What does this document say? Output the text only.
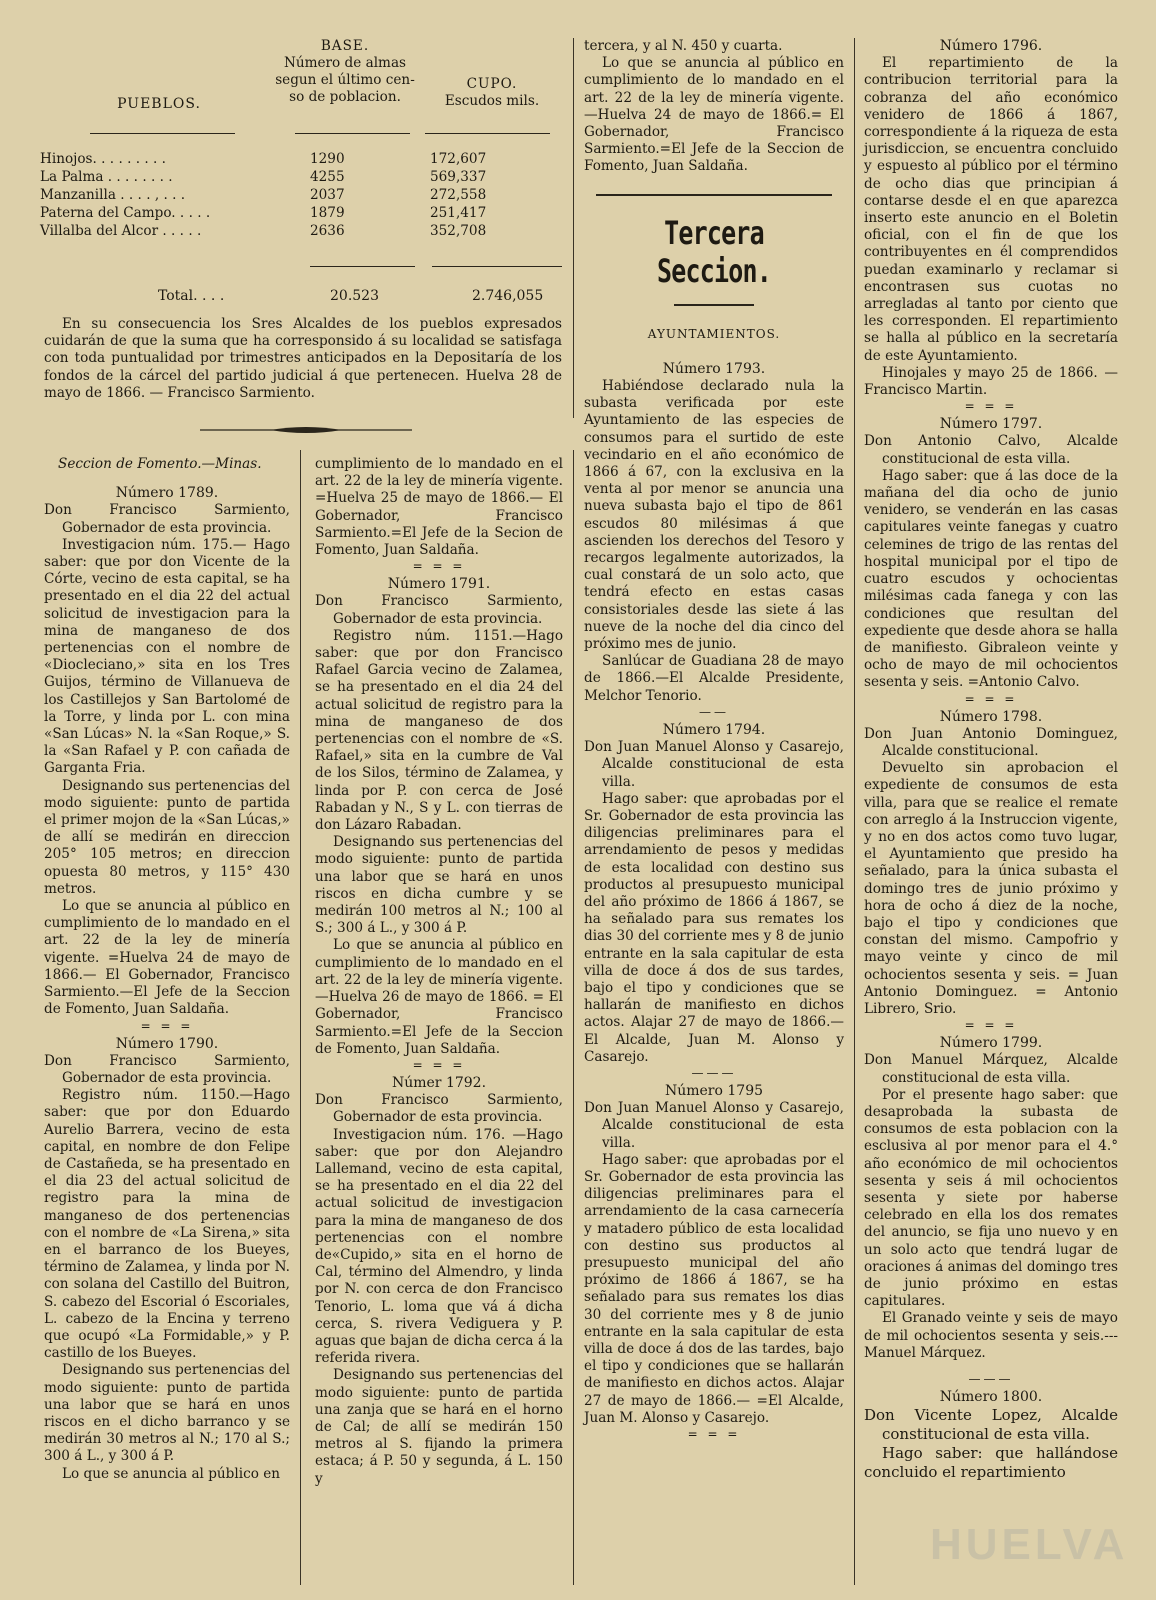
PUEBLOS.
BASE.
Número de almas
segun el último cen-
so de poblacion.
CUPO.
Escudos mils.
Hinojos. . . . . . . . .	1290	172,607
La Palma . . . . . . . .	4255	569,337
Manzanilla . . . . , . . .	2037	272,558
Paterna del Campo. . . . .	1879	251,417
Villalba del Alcor . . . . .	2636	352,708
Total. . . .	20.523	2.746,055
En su consecuencia los Sres Alcaldes de los pueblos expresados cuidarán de que la suma que ha corresponsido á su localidad se satisfaga con toda puntualidad por trimestres anticipados en la Depositaría de los fondos de la cárcel del partido judicial á que pertenecen. Huelva 28 de mayo de 1866. — Francisco Sarmiento.

Seccion de Fomento.—Minas.

Número 1789.

Don Francisco Sarmiento, Gobernador de esta provincia.

Investigacion núm. 175.— Hago saber: que por don Vicente de la Córte, vecino de esta capital, se ha presentado en el dia 22 del actual solicitud de investigacion para la mina de manganeso de dos pertenencias con el nombre de «Diocleciano,» sita en los Tres Guijos, término de Villanueva de los Castillejos y San Bartolomé de la Torre, y linda por L. con mina «San Lúcas» N. la «San Roque,» S. la «San Rafael y P. con cañada de Garganta Fria.

Designando sus pertenencias del modo siguiente: punto de partida el primer mojon de la «San Lúcas,» de allí se medirán en direccion 205° 105 metros; en direccion opuesta 80 metros, y 115° 430 metros.

Lo que se anuncia al público en cumplimiento de lo mandado en el art. 22 de la ley de minería vigente. =Huelva 24 de mayo de 1866.— El Gobernador, Francisco Sarmiento.—El Jefe de la Seccion de Fomento, Juan Saldaña.

= = =

Número 1790.

Don Francisco Sarmiento, Gobernador de esta provincia.

Registro núm. 1150.—Hago saber: que por don Eduardo Aurelio Barrera, vecino de esta capital, en nombre de don Felipe de Castañeda, se ha presentado en el dia 23 del actual solicitud de registro para la mina de manganeso de dos pertenencias con el nombre de «La Sirena,» sita en el barranco de los Bueyes, término de Zalamea, y linda por N. con solana del Castillo del Buitron, S. cabezo del Escorial ó Escoriales, L. cabezo de la Encina y terreno que ocupó «La Formidable,» y P. castillo de los Bueyes.

Designando sus pertenencias del modo siguiente: punto de partida una labor que se hará en unos riscos en el dicho barranco y se medirán 30 metros al N.; 170 al S.; 300 á L., y 300 á P.

Lo que se anuncia al público en

cumplimiento de lo mandado en el art. 22 de la ley de minería vigente. =Huelva 25 de mayo de 1866.— El Gobernador, Francisco Sarmiento.=El Jefe de la Secion de Fomento, Juan Saldaña.

= = =

Número 1791.

Don Francisco Sarmiento, Gobernador de esta provincia.

Registro núm. 1151.—Hago saber: que por don Francisco Rafael Garcia vecino de Zalamea, se ha presentado en el dia 24 del actual solicitud de registro para la mina de manganeso de dos pertenencias con el nombre de «S. Rafael,» sita en la cumbre de Val de los Silos, término de Zalamea, y linda por P. con cerca de José Rabadan y N., S y L. con tierras de don Lázaro Rabadan.

Designando sus pertenencias del modo siguiente: punto de partida una labor que se hará en unos riscos en dicha cumbre y se medirán 100 metros al N.; 100 al S.; 300 á L., y 300 á P.

Lo que se anuncia al público en cumplimiento de lo mandado en el art. 22 de la ley de minería vigente. —Huelva 26 de mayo de 1866. = El Gobernador, Francisco Sarmiento.=El Jefe de la Seccion de Fomento, Juan Saldaña.

= = =

Númer 1792.

Don Francisco Sarmiento, Gobernador de esta provincia.

Investigacion núm. 176. —Hago saber: que por don Alejandro Lallemand, vecino de esta capital, se ha presentado en el dia 22 del actual solicitud de investigacion para la mina de manganeso de dos pertenencias con el nombre de«Cupido,» sita en el horno de Cal, término del Almendro, y linda por N. con cerca de don Francisco Tenorio, L. loma que vá á dicha cerca, S. rivera Vediguera y P. aguas que bajan de dicha cerca á la referida rivera.

Designando sus pertenencias del modo siguiente: punto de partida una zanja que se hará en el horno de Cal; de allí se medirán 150 metros al S. fijando la primera estaca; á P. 50 y segunda, á L. 150 y

tercera, y al N. 450 y cuarta.

Lo que se anuncia al público en cumplimiento de lo mandado en el art. 22 de la ley de minería vigente. —Huelva 24 de mayo de 1866.= El Gobernador, Francisco Sarmiento.=El Jefe de la Seccion de Fomento, Juan Saldaña.

Tercera Seccion.

AYUNTAMIENTOS.

Número 1793.

Habiéndose declarado nula la subasta verificada por este Ayuntamiento de las especies de consumos para el surtido de este vecindario en el año económico de 1866 á 67, con la exclusiva en la venta al por menor se anuncia una nueva subasta bajo el tipo de 861 escudos 80 milésimas á que ascienden los derechos del Tesoro y recargos legalmente autorizados, la cual constará de un solo acto, que tendrá efecto en estas casas consistoriales desde las siete á las nueve de la noche del dia cinco del próximo mes de junio.

Sanlúcar de Guadiana 28 de mayo de 1866.—El Alcalde Presidente, Melchor Tenorio.

——

Número 1794.

Don Juan Manuel Alonso y Casarejo, Alcalde constitucional de esta villa.

Hago saber: que aprobadas por el Sr. Gobernador de esta provincia las diligencias preliminares para el arrendamiento de pesos y medidas de esta localidad con destino sus productos al presupuesto municipal del año próximo de 1866 á 1867, se ha señalado para sus remates los dias 30 del corriente mes y 8 de junio entrante en la sala capitular de esta villa de doce á dos de sus tardes, bajo el tipo y condiciones que se hallarán de manifiesto en dichos actos. Alajar 27 de mayo de 1866.—El Alcalde, Juan M. Alonso y Casarejo.

———

Número 1795

Don Juan Manuel Alonso y Casarejo, Alcalde constitucional de esta villa.

Hago saber: que aprobadas por el Sr. Gobernador de esta provincia las diligencias preliminares para el arrendamiento de la casa carnecería y matadero público de esta localidad con destino sus productos al presupuesto municipal del año próximo de 1866 á 1867, se ha señalado para sus remates los dias 30 del corriente mes y 8 de junio entrante en la sala capitular de esta villa de doce á dos de las tardes, bajo el tipo y condiciones que se hallarán de manifiesto en dichos actos. Alajar 27 de mayo de 1866.— =El Alcalde, Juan M. Alonso y Casarejo.

= = =

Número 1796.

El repartimiento de la contribucion territorial para la cobranza del año económico venidero de 1866 á 1867, correspondiente á la riqueza de esta jurisdiccion, se encuentra concluido y espuesto al público por el término de ocho dias que principian á contarse desde el en que aparezca inserto este anuncio en el Boletin oficial, con el fin de que los contribuyentes en él comprendidos puedan examinarlo y reclamar si encontrasen sus cuotas no arregladas al tanto por ciento que les corresponden. El repartimiento se halla al público en la secretaría de este Ayuntamiento.

Hinojales y mayo 25 de 1866. —Francisco Martin.

= = =

Número 1797.

Don Antonio Calvo, Alcalde constitucional de esta villa.

Hago saber: que á las doce de la mañana del dia ocho de junio venidero, se venderán en las casas capitulares veinte fanegas y cuatro celemines de trigo de las rentas del hospital municipal por el tipo de cuatro escudos y ochocientas milésimas cada fanega y con las condiciones que resultan del expediente que desde ahora se halla de manifiesto. Gibraleon veinte y ocho de mayo de mil ochocientos sesenta y seis. =Antonio Calvo.

= = =

Número 1798.

Don Juan Antonio Dominguez, Alcalde constitucional.

Devuelto sin aprobacion el expediente de consumos de esta villa, para que se realice el remate con arreglo á la Instruccion vigente, y no en dos actos como tuvo lugar, el Ayuntamiento que presido ha señalado, para la única subasta el domingo tres de junio próximo y hora de ocho á diez de la noche, bajo el tipo y condiciones que constan del mismo. Campofrio y mayo veinte y cinco de mil ochocientos sesenta y seis. = Juan Antonio Dominguez. = Antonio Librero, Srio.

= = =

Número 1799.

Don Manuel Márquez, Alcalde constitucional de esta villa.

Por el presente hago saber: que desaprobada la subasta de consumos de esta poblacion con la esclusiva al por menor para el 4.° año económico de mil ochocientos sesenta y seis á mil ochocientos sesenta y siete por haberse celebrado en ella los dos remates del anuncio, se fija uno nuevo y en un solo acto que tendrá lugar de oraciones á animas del domingo tres de junio próximo en estas capitulares.

El Granado veinte y seis de mayo de mil ochocientos sesenta y seis.---Manuel Márquez.

———

Número 1800.

Don Vicente Lopez, Alcalde constitucional de esta villa.

Hago saber: que hallándose concluido el repartimiento

HUELVA
